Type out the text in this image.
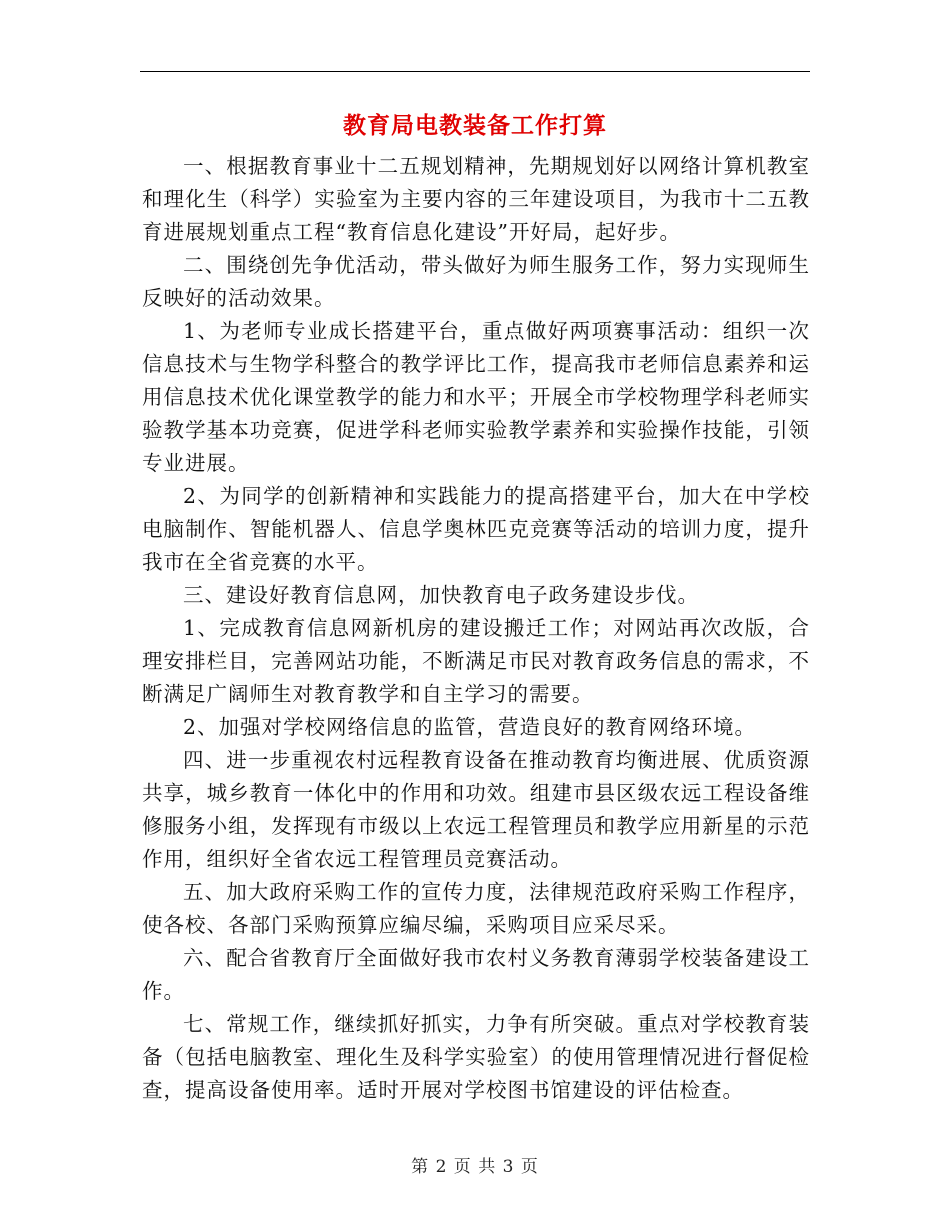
教育局电教装备工作打算

一、根据教育事业十二五规划精神，先期规划好以网络计算机教室和理化生（科学）实验室为主要内容的三年建设项目，为我市十二五教育进展规划重点工程“教育信息化建设”开好局，起好步。

二、围绕创先争优活动，带头做好为师生服务工作，努力实现师生反映好的活动效果。

1、为老师专业成长搭建平台，重点做好两项赛事活动：组织一次信息技术与生物学科整合的教学评比工作，提高我市老师信息素养和运用信息技术优化课堂教学的能力和水平；开展全市学校物理学科老师实验教学基本功竞赛，促进学科老师实验教学素养和实验操作技能，引领专业进展。

2、为同学的创新精神和实践能力的提高搭建平台，加大在中学校电脑制作、智能机器人、信息学奥林匹克竞赛等活动的培训力度，提升我市在全省竞赛的水平。

三、建设好教育信息网，加快教育电子政务建设步伐。

1、完成教育信息网新机房的建设搬迁工作；对网站再次改版，合理安排栏目，完善网站功能，不断满足市民对教育政务信息的需求，不断满足广阔师生对教育教学和自主学习的需要。

2、加强对学校网络信息的监管，营造良好的教育网络环境。

四、进一步重视农村远程教育设备在推动教育均衡进展、优质资源共享，城乡教育一体化中的作用和功效。组建市县区级农远工程设备维修服务小组，发挥现有市级以上农远工程管理员和教学应用新星的示范作用，组织好全省农远工程管理员竞赛活动。

五、加大政府采购工作的宣传力度，法律规范政府采购工作程序，使各校、各部门采购预算应编尽编，采购项目应采尽采。

六、配合省教育厅全面做好我市农村义务教育薄弱学校装备建设工作。

七、常规工作，继续抓好抓实，力争有所突破。重点对学校教育装备（包括电脑教室、理化生及科学实验室）的使用管理情况进行督促检查，提高设备使用率。适时开展对学校图书馆建设的评估检查。

第 2 页 共 3 页
